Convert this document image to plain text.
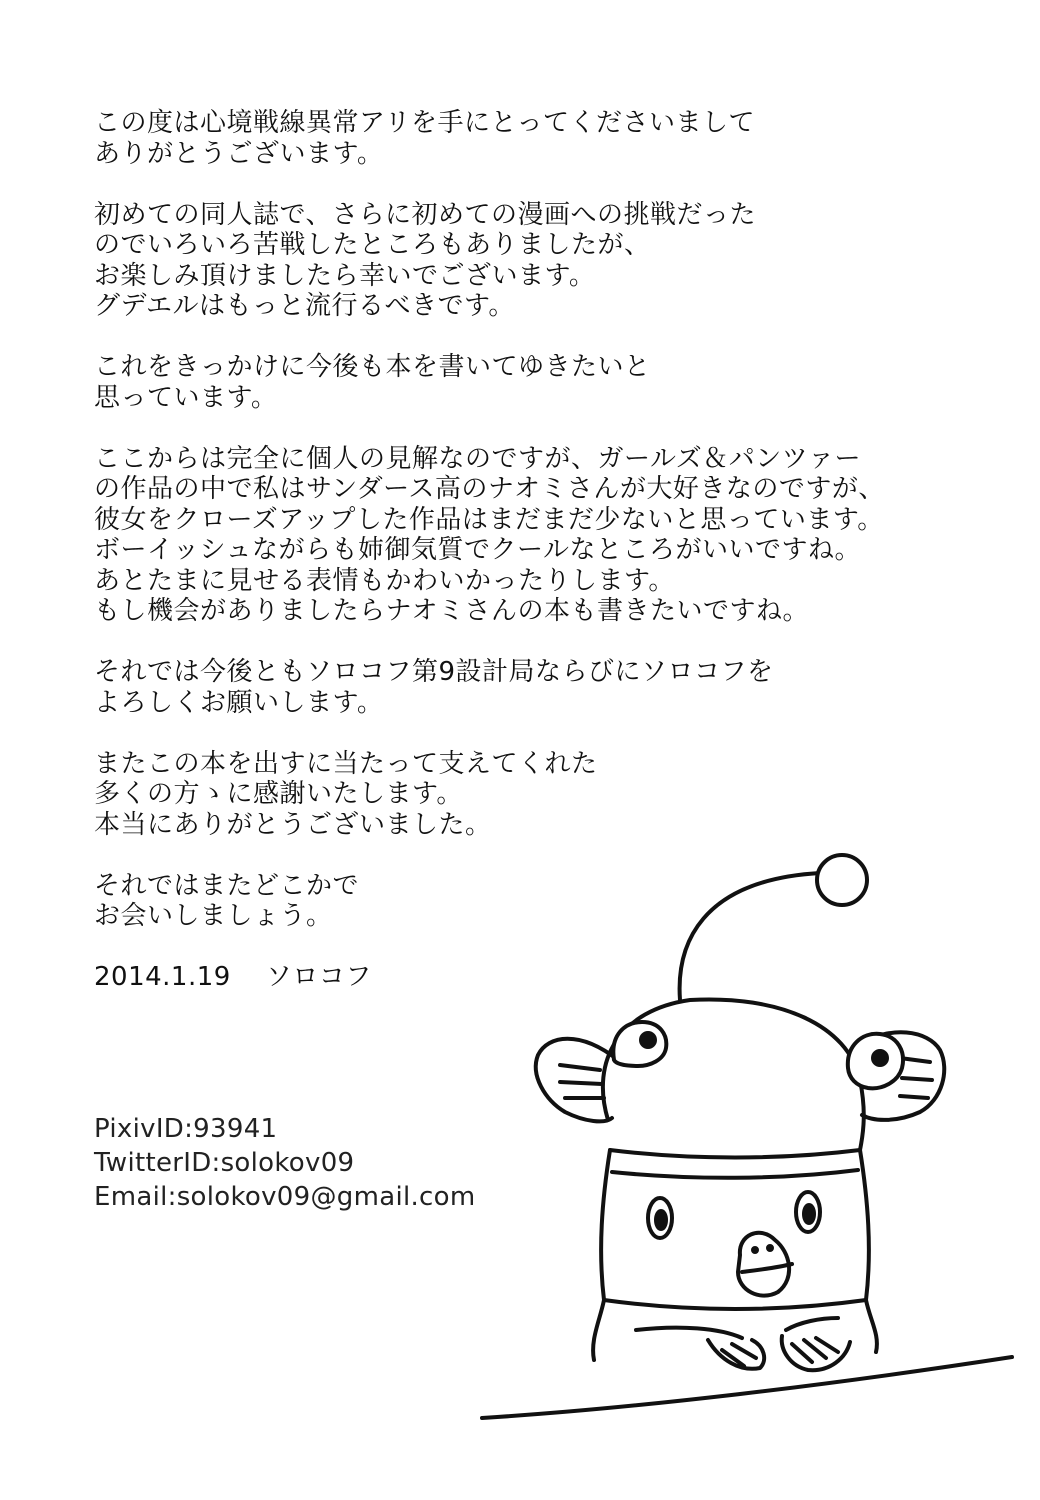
この度は心境戦線異常アリを手にとってくださいまして
ありがとうございます。

初めての同人誌で、さらに初めての漫画への挑戦だった
のでいろいろ苦戦したところもありましたが、
お楽しみ頂けましたら幸いでございます。
グデエルはもっと流行るべきです。

これをきっかけに今後も本を書いてゆきたいと
思っています。

ここからは完全に個人の見解なのですが、ガールズ＆パンツァー
の作品の中で私はサンダース高のナオミさんが大好きなのですが、
彼女をクローズアップした作品はまだまだ少ないと思っています。
ボーイッシュながらも姉御気質でクールなところがいいですね。
あとたまに見せる表情もかわいかったりします。
もし機会がありましたらナオミさんの本も書きたいですね。

それでは今後ともソロコフ第9設計局ならびにソロコフを
よろしくお願いします。

またこの本を出すに当たって支えてくれた
多くの方ゝに感謝いたします。
本当にありがとうございました。

それではまたどこかで
お会いしましょう。

2014.1.19 ソロコフ

PixivID:93941
TwitterID:solokov09
Email:solokov09@gmail.com
